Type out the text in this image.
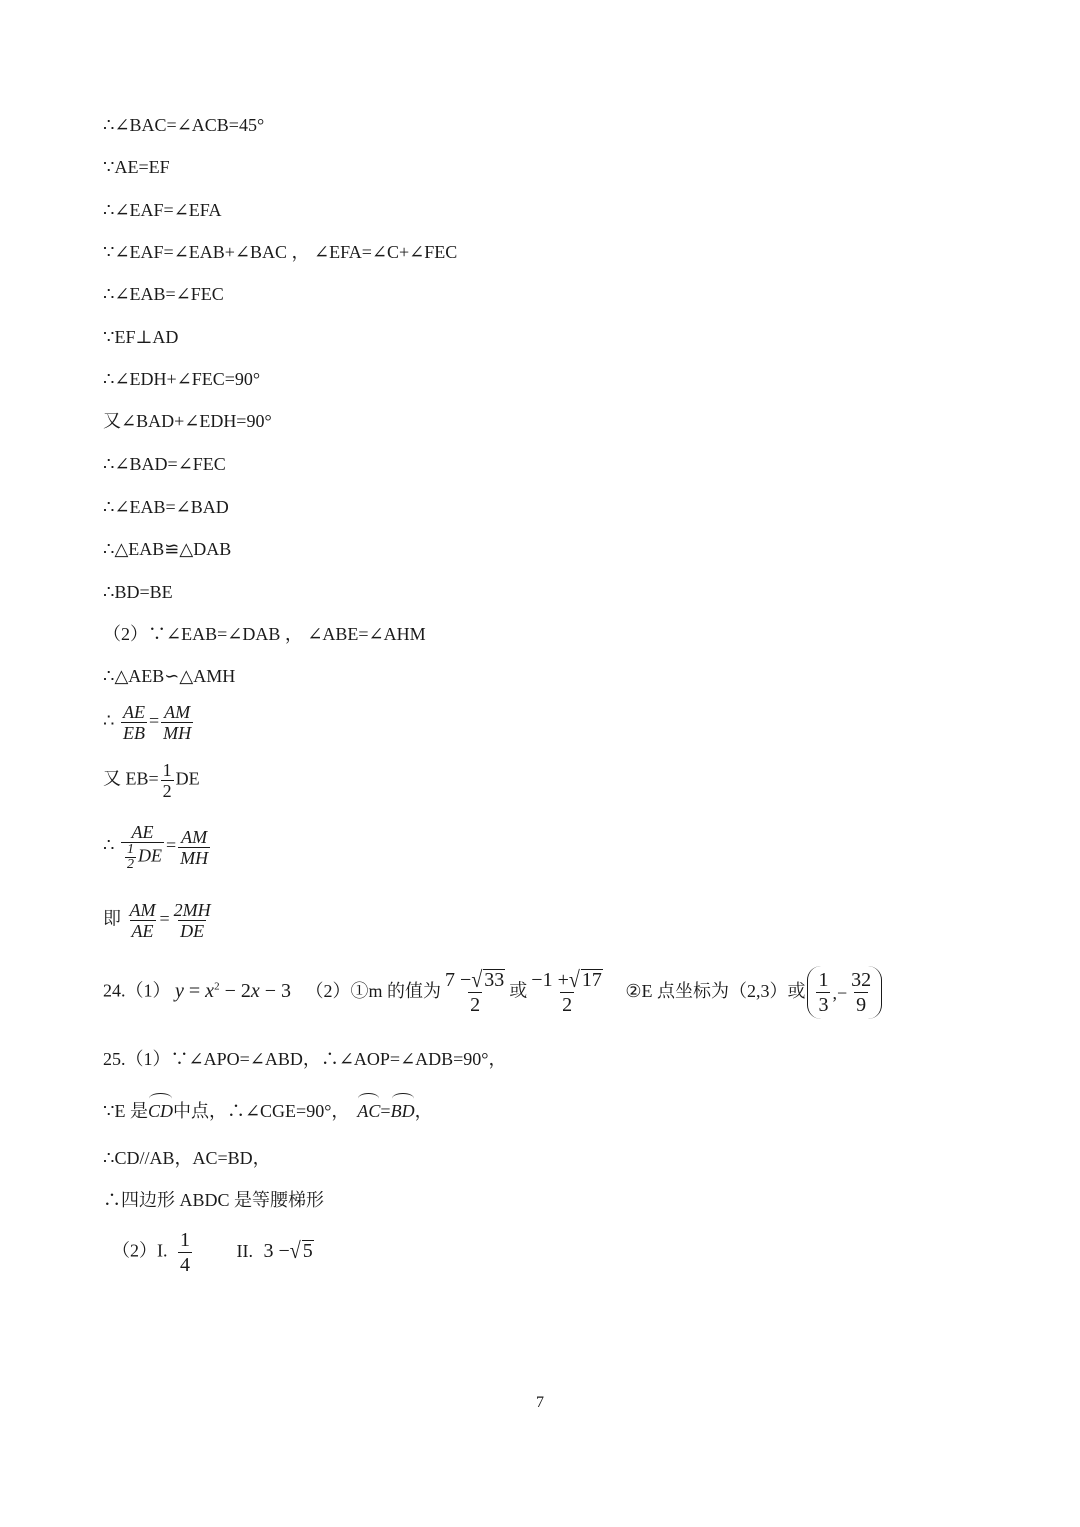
∴∠BAC=∠ACB=45°
∵AE=EF
∴∠EAF=∠EFA
∵∠EAF=∠EAB+∠BAC ， ∠EFA=∠C+∠FEC
∴∠EAB=∠FEC
∵EF⊥AD
∴∠EDH+∠FEC=90°
又∠BAD+∠EDH=90°
∴∠BAD=∠FEC
∴∠EAB=∠BAD
∴△EAB≌△DAB
∴BD=BE
（2）∵∠EAB=∠DAB ， ∠ABE=∠AHM
∴△AEB∽△AMH
∴ $\frac{AE}{EB} = \frac{AM}{MH}$
又 $EB= \frac{1}{2}$ DE
∴ $\frac{AE}{\frac{1}{2} DE} = \frac{AM}{MH}$
即 $\frac{AM}{AE} = \frac{2MH}{DE}$
24.（1） $y = x^2 - 2x - 3$ （2）①m 的值为 $\frac{7 -√ 33}{2}$ 或 $\frac{-1 +√ 17}{2}$ ②E 点坐标为（2,3）或 $\frac{1}{3}$ ,− $\frac{32}{9}$
25.（1）∵∠APO=∠ABD，∴∠AOP=∠ADB=90°，
∵E 是CD中点，∴∠CGE=90°， AC=BD，
∴CD//AB，AC=BD，
∴四边形 ABDC 是等腰梯形
（2）I. $\frac{1}{4}$ II. 3 −√ 5
7
